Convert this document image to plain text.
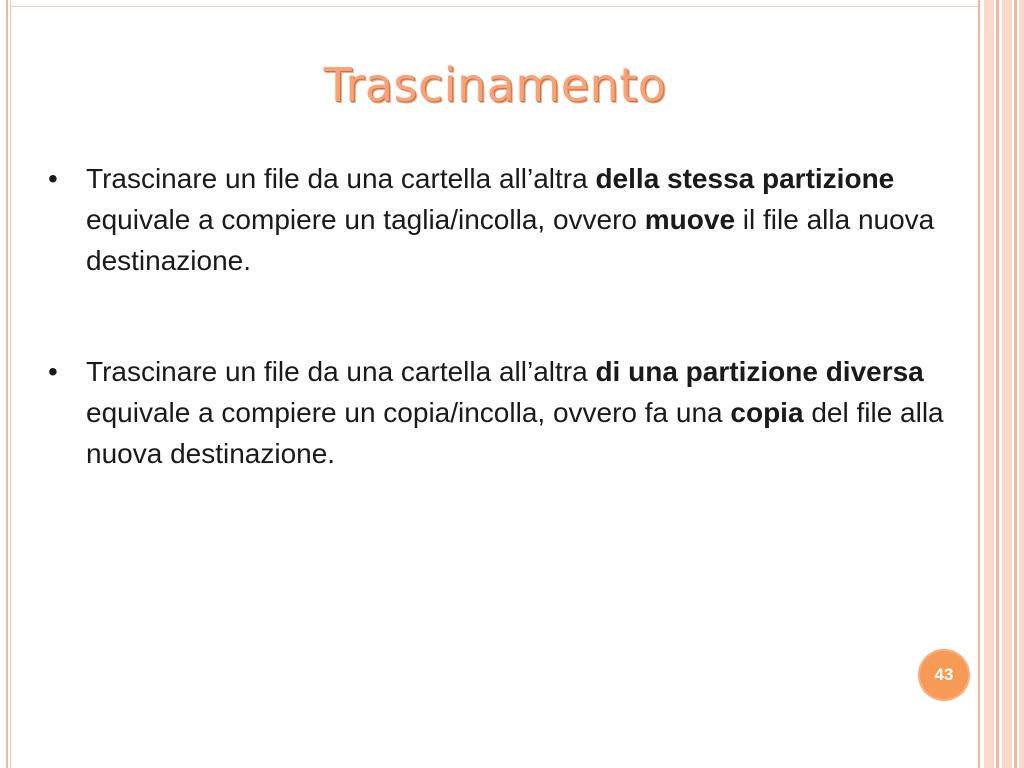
Trascinamento

• Trascinare un file da una cartella all’altra della stessa partizione equivale a compiere un taglia/incolla, ovvero muove il file alla nuova destinazione.

• Trascinare un file da una cartella all’altra di una partizione diversa equivale a compiere un copia/incolla, ovvero fa una copia del file alla nuova destinazione.

43
